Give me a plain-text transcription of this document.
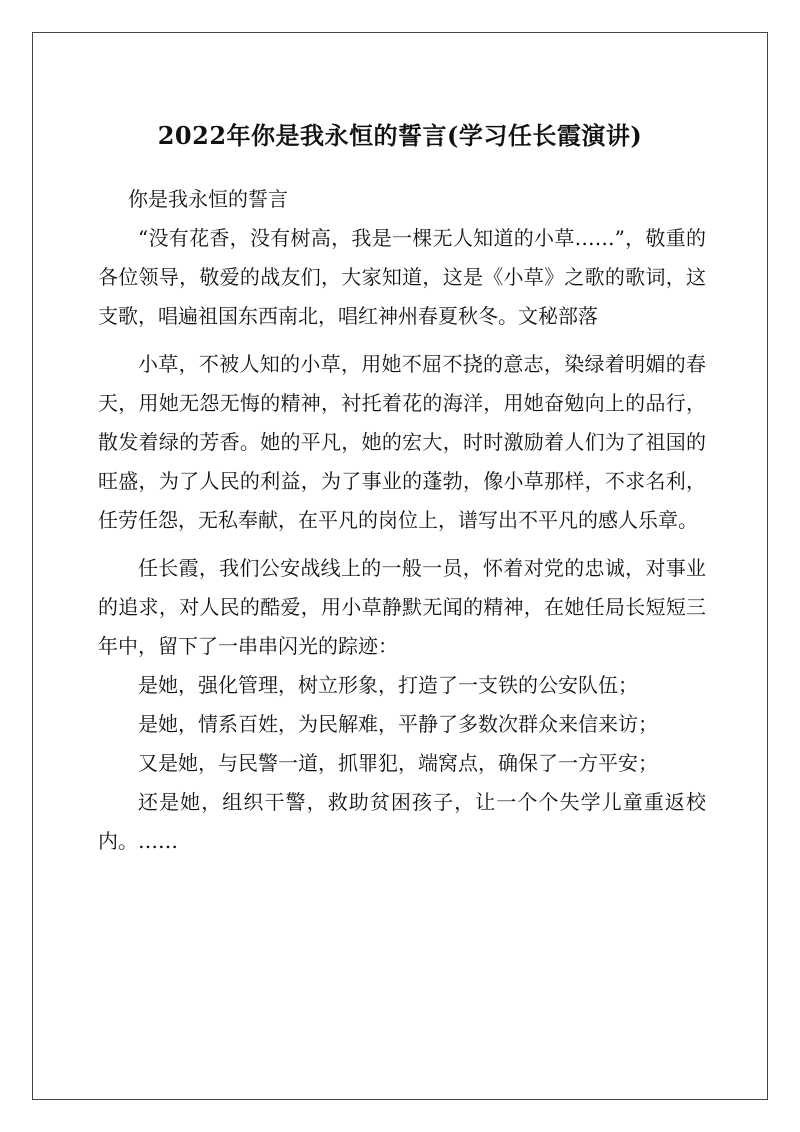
2022年你是我永恒的誓言(学习任长霞演讲)

你是我永恒的誓言

“没有花香，没有树高，我是一棵无人知道的小草……”，敬重的各位领导，敬爱的战友们，大家知道，这是《小草》之歌的歌词，这支歌，唱遍祖国东西南北，唱红神州春夏秋冬。文秘部落

小草，不被人知的小草，用她不屈不挠的意志，染绿着明媚的春天，用她无怨无悔的精神，衬托着花的海洋，用她奋勉向上的品行，散发着绿的芳香。她的平凡，她的宏大，时时激励着人们为了祖国的旺盛，为了人民的利益，为了事业的蓬勃，像小草那样，不求名利，任劳任怨，无私奉献，在平凡的岗位上，谱写出不平凡的感人乐章。

任长霞，我们公安战线上的一般一员，怀着对党的忠诚，对事业的追求，对人民的酷爱，用小草静默无闻的精神，在她任局长短短三年中，留下了一串串闪光的踪迹：

是她，强化管理，树立形象，打造了一支铁的公安队伍；

是她，情系百姓，为民解难，平静了多数次群众来信来访；

又是她，与民警一道，抓罪犯，端窝点，确保了一方平安；

还是她，组织干警，救助贫困孩子，让一个个失学儿童重返校内。……
